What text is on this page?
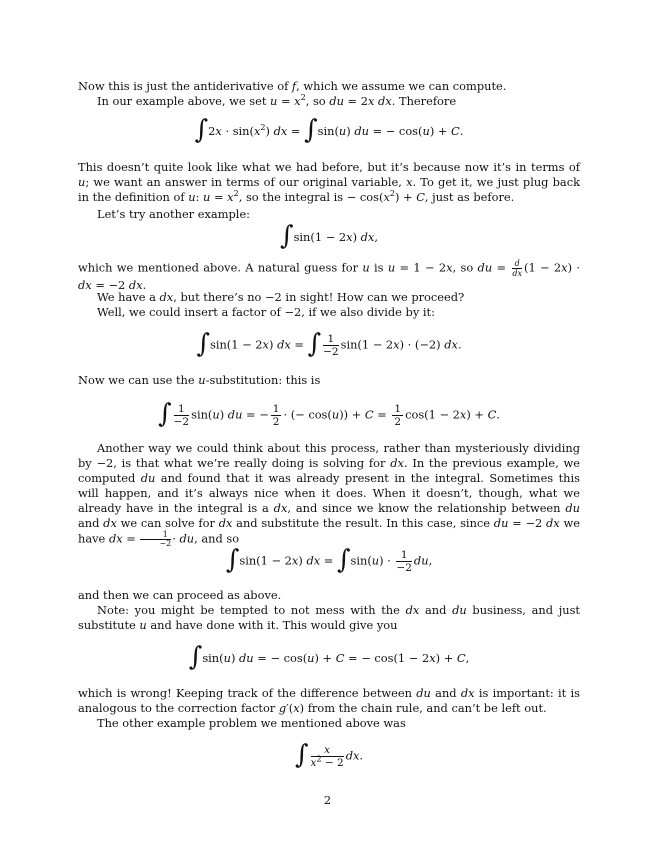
Now this is just the antiderivative of f, which we assume we can compute.
In our example above, we set $u = x^2$, so du = 2x dx. Therefore
$\int 2x \cdot \sin(x^2)$ dx = ∫sin(u) du = − cos(u) + C.
This doesn’t quite look like what we had before, but it’s because now it’s in terms of u; we want an answer in terms of our original variable, x. To get it, we just plug back in the definition of u: $u = x^2$, so the integral is − $\cos(x^2) + C$, just as before.
Let’s try another example:
∫sin(1 − 2x) dx,
which we mentioned above. A natural guess for u is u = 1 − 2x, so du = $\frac{d}{dx} (1 - 2x)$ · dx = −2 dx.
We have a dx, but there’s no −2 in sight! How can we proceed?
Well, we could insert a factor of −2, if we also divide by it:
∫sin(1 − 2x) dx = ∫ $\frac{1}{-2} \sin(1 - 2x) \cdot (-2)$ dx.
Now we can use the u-substitution: this is
∫ $\frac{1}{-2} \sin(u)$ du = − $\frac{1}{2}$ · (− $\cos(u)) + C = \frac{1}{2} \cos(1 - 2x) + C$.
Another way we could think about this process, rather than mysteriously dividing by −2, is that what we’re really doing is solving for dx. In the previous example, we computed du and found that it was already present in the integral. Sometimes this will happen, and it’s always nice when it does. When it doesn’t, though, what we already have in the integral is a dx, and since we know the relationship between du and dx we can solve for dx and substitute the result. In this case, since du = −2 dx we have dx = $\frac{1}{-2}$ · du, and so
∫sin(1 − 2x) dx = $\int\sin(u) \cdot \frac{1}{-2}$ du,
and then we can proceed as above.
Note: you might be tempted to not mess with the dx and du business, and just substitute u and have done with it. This would give you
∫sin(u) du = − cos(u) + C = − cos(1 − 2x) + C,
which is wrong! Keeping track of the difference between du and dx is important: it is analogous to the correction factor g′(x) from the chain rule, and can’t be left out.
The other example problem we mentioned above was
∫ $\frac{x}{x^2 - 2}$ dx.
2
